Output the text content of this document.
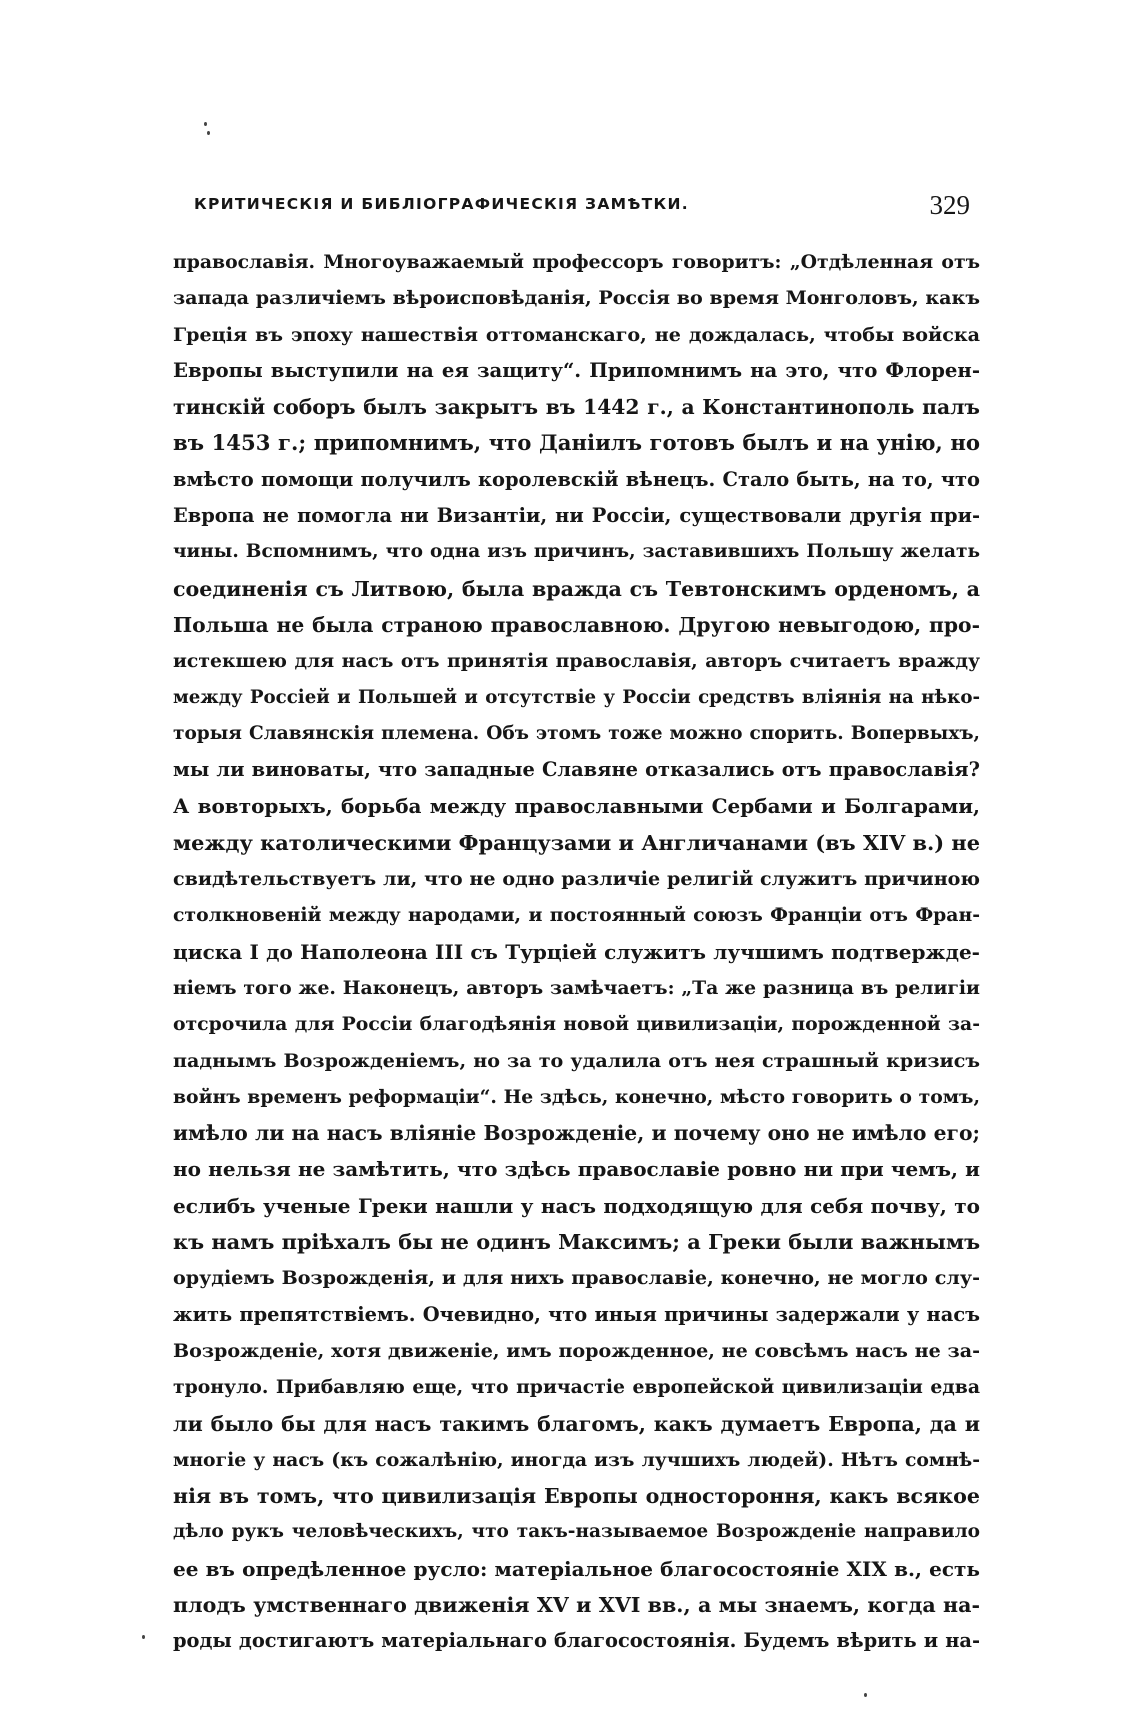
КРИТИЧЕСКІЯ И БИБЛІОГРАФИЧЕСКІЯ ЗАМѢТКИ.	329
православія. Многоуважаемый профессоръ говоритъ: „Отдѣленная отъ
запада различіемъ вѣроисповѣданія, Россія во время Монголовъ, какъ
Греція въ эпоху нашествія оттоманскаго, не дождалась, чтобы войска
Европы выступили на ея защиту“. Припомнимъ на это, что Флорен-
тинскій соборъ былъ закрытъ въ 1442 г., а Константинополь палъ
въ 1453 г.; припомнимъ, что Даніилъ готовъ былъ и на унію, но
вмѣсто помощи получилъ королевскій вѣнецъ. Стало быть, на то, что
Европа не помогла ни Византіи, ни Россіи, существовали другія при-
чины. Вспомнимъ, что одна изъ причинъ, заставившихъ Польшу желать
соединенія съ Литвою, была вражда съ Тевтонскимъ орденомъ, а
Польша не была страною православною. Другою невыгодою, про-
истекшею для насъ отъ принятія православія, авторъ считаетъ вражду
между Россіей и Польшей и отсутствіе у Россіи средствъ вліянія на нѣко-
торыя Славянскія племена. Объ этомъ тоже можно спорить. Вопервыхъ,
мы ли виноваты, что западные Славяне отказались отъ православія?
А вовторыхъ, борьба между православными Сербами и Болгарами,
между католическими Французами и Англичанами (въ XIV в.) не
свидѣтельствуетъ ли, что не одно различіе религій служитъ причиною
столкновеній между народами, и постоянный союзъ Франціи отъ Фран-
циска I до Наполеона III съ Турціей служитъ лучшимъ подтвержде-
ніемъ того же. Наконецъ, авторъ замѣчаетъ: „Та же разница въ религіи
отсрочила для Россіи благодѣянія новой цивилизаціи, порожденной за-
паднымъ Возрожденіемъ, но за то удалила отъ нея страшный кризисъ
войнъ временъ реформаціи“. Не здѣсь, конечно, мѣсто говорить о томъ,
имѣло ли на насъ вліяніе Возрожденіе, и почему оно не имѣло его;
но нельзя не замѣтить, что здѣсь православіе ровно ни при чемъ, и
еслибъ ученые Греки нашли у насъ подходящую для себя почву, то
къ намъ пріѣхалъ бы не одинъ Максимъ; а Греки были важнымъ
орудіемъ Возрожденія, и для нихъ православіе, конечно, не могло слу-
жить препятствіемъ. Очевидно, что иныя причины задержали у насъ
Возрожденіе, хотя движеніе, имъ порожденное, не совсѣмъ насъ не за-
тронуло. Прибавляю еще, что причастіе европейской цивилизаціи едва
ли было бы для насъ такимъ благомъ, какъ думаетъ Европа, да и
многіе у насъ (къ сожалѣнію, иногда изъ лучшихъ людей). Нѣтъ сомнѣ-
нія въ томъ, что цивилизація Европы одностороння, какъ всякое
дѣло рукъ человѣческихъ, что такъ-называемое Возрожденіе направило
ее въ опредѣленное русло: матеріальное благосостояніе XIX в., есть
плодъ умственнаго движенія XV и XVI вв., а мы знаемъ, когда на-
роды достигаютъ матеріальнаго благосостоянія. Будемъ вѣрить и на-
